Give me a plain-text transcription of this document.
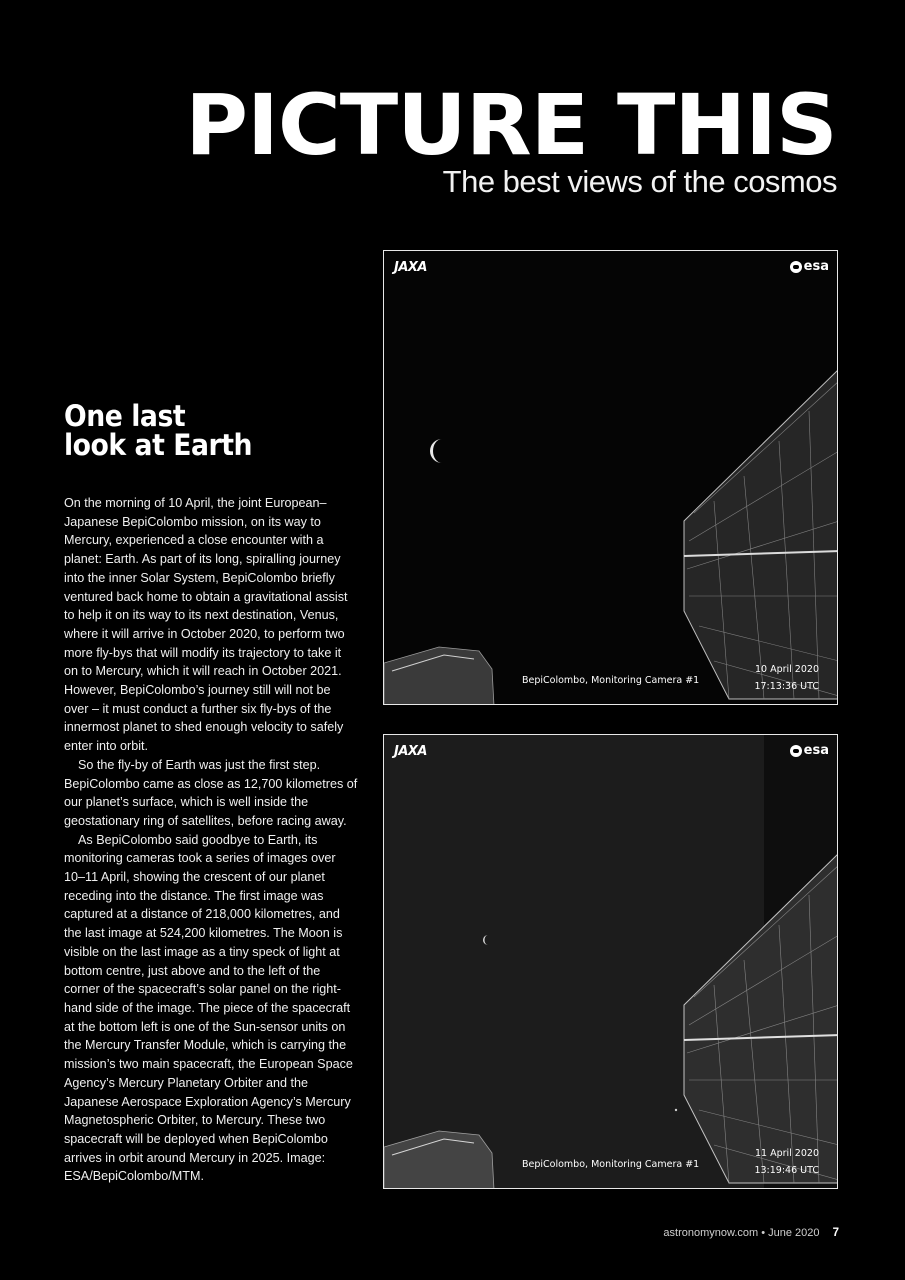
PICTURE THIS
The best views of the cosmos
One last
look at Earth

On the morning of 10 April, the joint European–Japanese BepiColombo mission, on its way to Mercury, experienced a close encounter with a planet: Earth. As part of its long, spiralling journey into the inner Solar System, BepiColombo briefly ventured back home to obtain a gravitational assist to help it on its way to its next destination, Venus, where it will arrive in October 2020, to perform two more fly-bys that will modify its trajectory to take it on to Mercury, which it will reach in October 2021. However, BepiColombo’s journey still will not be over – it must conduct a further six fly-bys of the innermost planet to shed enough velocity to safely enter into orbit.

So the fly-by of Earth was just the first step. BepiColombo came as close as 12,700 kilometres of our planet’s surface, which is well inside the geostationary ring of satellites, before racing away.

As BepiColombo said goodbye to Earth, its monitoring cameras took a series of images over 10–11 April, showing the crescent of our planet receding into the distance. The first image was captured at a distance of 218,000 kilometres, and the last image at 524,200 kilometres. The Moon is visible on the last image as a tiny speck of light at bottom centre, just above and to the left of the corner of the spacecraft’s solar panel on the right-hand side of the image. The piece of the spacecraft at the bottom left is one of the Sun-sensor units on the Mercury Transfer Module, which is carrying the mission’s two main spacecraft, the European Space Agency’s Mercury Planetary Orbiter and the Japanese Aerospace Exploration Agency’s Mercury Magnetospheric Orbiter, to Mercury. These two spacecraft will be deployed when BepiColombo arrives in orbit around Mercury in 2025. Image: ESA/BepiColombo/MTM.

JAXA	esa
BepiColombo, Monitoring Camera #1
10 April 2020
17:13:36 UTC
JAXA	esa
BepiColombo, Monitoring Camera #1
11 April 2020
13:19:46 UTC
astronomynow.com • June 2020 7
